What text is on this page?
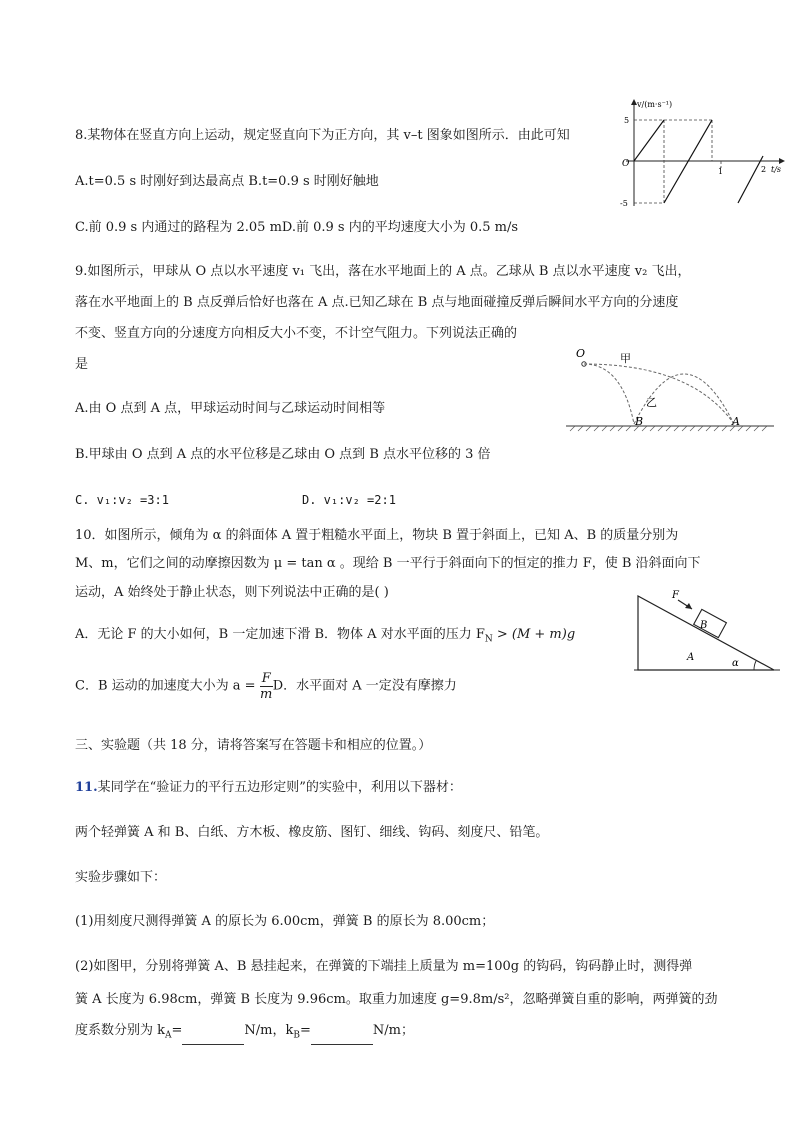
8.某物体在竖直方向上运动，规定竖直向下为正方向，其 v–t 图象如图所示．由此可知
A.t=0.5 s 时刚好到达最高点 B.t=0.9 s 时刚好触地
C.前 0.9 s 内通过的路程为 2.05 mD.前 0.9 s 内的平均速度大小为 0.5 m/s
v/(m·s⁻¹)
t/s
O
5
-5
1	2
9.如图所示，甲球从 O 点以水平速度 v₁ 飞出，落在水平地面上的 A 点。乙球从 B 点以水平速度 v₂ 飞出，
落在水平地面上的 B 点反弹后恰好也落在 A 点.已知乙球在 B 点与地面碰撞反弹后瞬间水平方向的分速度
不变、竖直方向的分速度方向相反大小不变，不计空气阻力。下列说法正确的
是
A.由 O 点到 A 点，甲球运动时间与乙球运动时间相等
B.甲球由 O 点到 A 点的水平位移是乙球由 O 点到 B 点水平位移的 3 倍
C. v₁:v₂ =3:1	D. v₁:v₂ =2:1
O	甲
乙
B	A
10．如图所示，倾角为 α 的斜面体 A 置于粗糙水平面上，物块 B 置于斜面上，已知 A、B 的质量分别为
M、m，它们之间的动摩擦因数为 μ = tan α 。现给 B 一平行于斜面向下的恒定的推力 F，使 B 沿斜面向下
运动，A 始终处于静止状态，则下列说法中正确的是( )
A．无论 F 的大小如何，B 一定加速下滑 B．物体 A 对水平面的压力 $F_N > (M + m)g$
C．B 运动的加速度大小为 $a = \frac{F}{m}$ D．水平面对 A 一定没有摩擦力
F
B
A
α
三、实验题（共 18 分，请将答案写在答题卡和相应的位置。）
11.某同学在“验证力的平行五边形定则”的实验中，利用以下器材：
两个轻弹簧 A 和 B、白纸、方木板、橡皮筋、图钉、细线、钩码、刻度尺、铅笔。
实验步骤如下：
(1)用刻度尺测得弹簧 A 的原长为 6.00cm，弹簧 B 的原长为 8.00cm；
(2)如图甲，分别将弹簧 A、B 悬挂起来，在弹簧的下端挂上质量为 m=100g 的钩码，钩码静止时，测得弹
簧 A 长度为 6.98cm，弹簧 B 长度为 9.96cm。取重力加速度 g=9.8m/s²，忽略弹簧自重的影响，两弹簧的劲
度系数分别为 $k_A=$	N/m，$k_B=$	N/m；
